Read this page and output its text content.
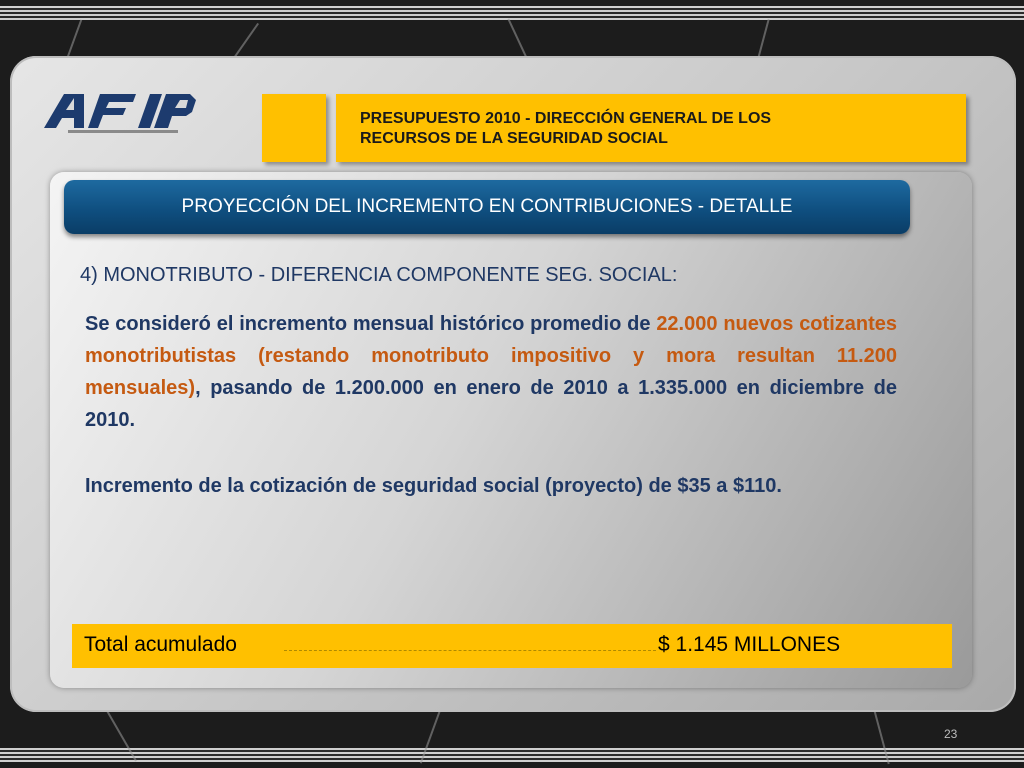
PRESUPUESTO 2010 - DIRECCIÓN GENERAL DE LOS
RECURSOS DE LA SEGURIDAD SOCIAL
PROYECCIÓN DEL INCREMENTO EN CONTRIBUCIONES - DETALLE
4) MONOTRIBUTO - DIFERENCIA COMPONENTE SEG. SOCIAL:
Se consideró el incremento mensual histórico promedio de 22.000 nuevos cotizantes monotributistas (restando monotributo impositivo y mora resultan 11.200 mensuales), pasando de 1.200.000 en enero de 2010 a 1.335.000 en diciembre de 2010.
Incremento de la cotización de seguridad social (proyecto) de $35 a $110.
Total acumulado	$ 1.145 MILLONES
23
